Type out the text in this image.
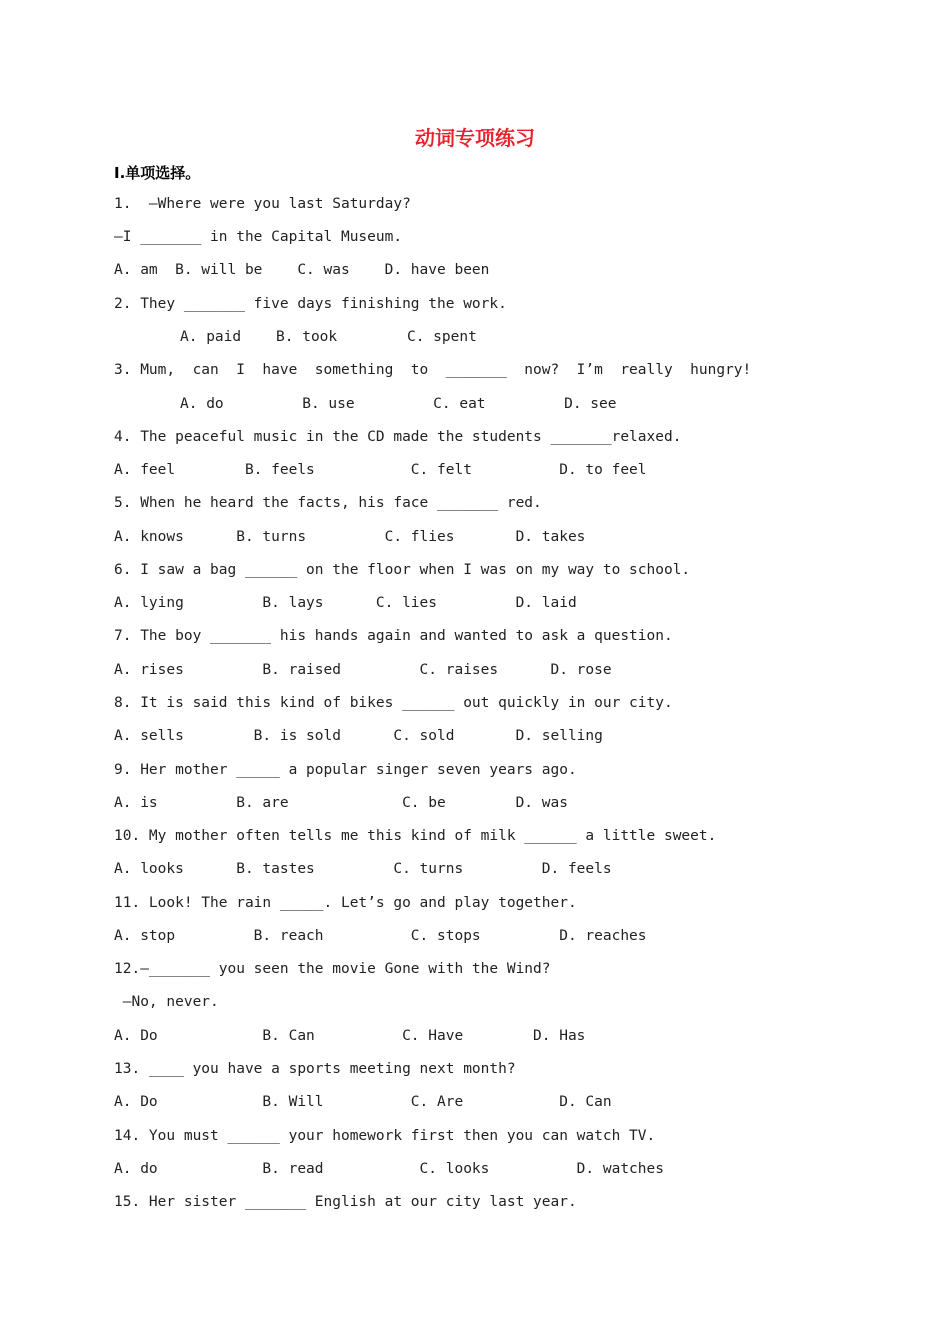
动词专项练习
I.单项选择。
1.  —Where were you last Saturday?
—I _______ in the Capital Museum.
A. am  B. will be    C. was    D. have been
2. They _______ five days finishing the work.
A. paid    B. took        C. spent
3. Mum,  can  I  have  something  to  _______  now?  I’m  really  hungry!
A. do         B. use         C. eat         D. see
4. The peaceful music in the CD made the students _______relaxed.
A. feel        B. feels           C. felt          D. to feel
5. When he heard the facts, his face _______ red.
A. knows      B. turns         C. flies       D. takes
6. I saw a bag ______ on the floor when I was on my way to school.
A. lying         B. lays      C. lies         D. laid
7. The boy _______ his hands again and wanted to ask a question.
A. rises         B. raised         C. raises      D. rose
8. It is said this kind of bikes ______ out quickly in our city.
A. sells        B. is sold      C. sold       D. selling
9. Her mother _____ a popular singer seven years ago.
A. is         B. are             C. be        D. was
10. My mother often tells me this kind of milk ______ a little sweet.
A. looks      B. tastes         C. turns         D. feels
11. Look! The rain _____. Let’s go and play together.
A. stop         B. reach          C. stops         D. reaches
12.—_______ you seen the movie Gone with the Wind?
—No, never.
A. Do            B. Can          C. Have        D. Has
13. ____ you have a sports meeting next month?
A. Do            B. Will          C. Are           D. Can
14. You must ______ your homework first then you can watch TV.
A. do            B. read           C. looks          D. watches
15. Her sister _______ English at our city last year.
